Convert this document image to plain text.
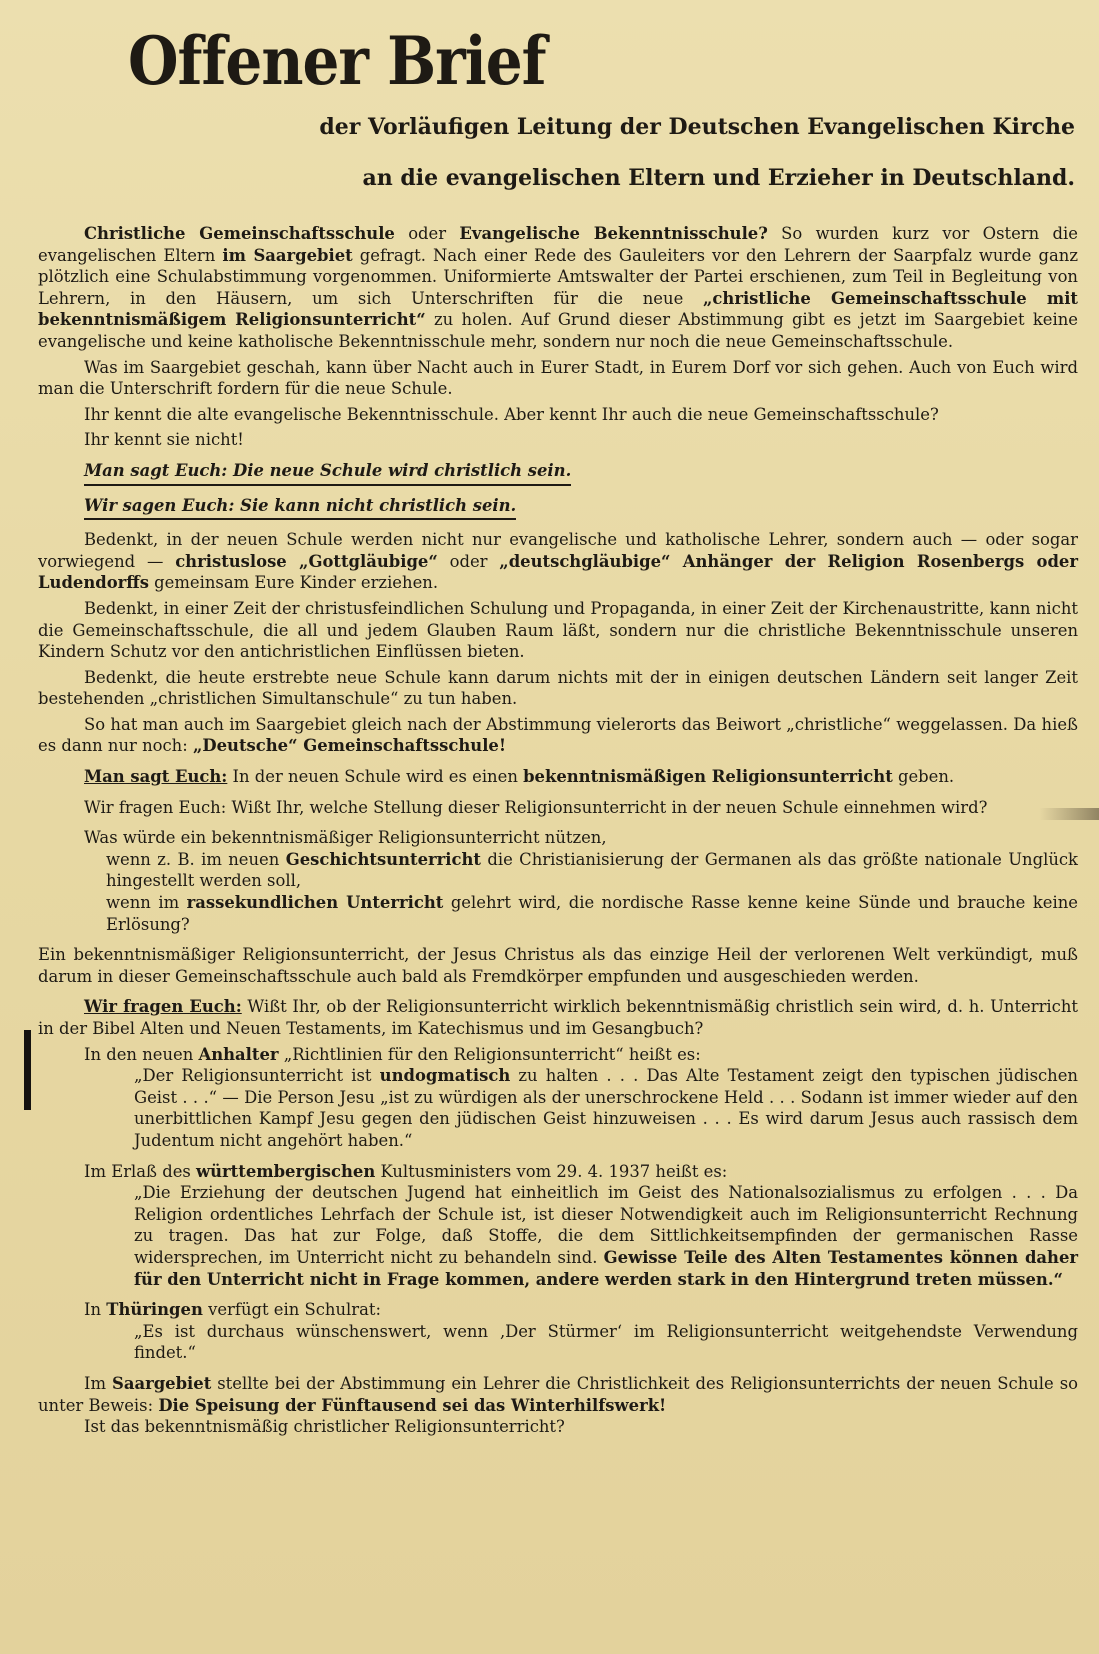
Offener Brief

der Vorläufigen Leitung der Deutschen Evangelischen Kirche

an die evangelischen Eltern und Erzieher in Deutschland.

Christliche Gemeinschaftsschule oder Evangelische Bekenntnisschule? So wurden kurz vor Ostern die evangelischen Eltern im Saargebiet gefragt. Nach einer Rede des Gauleiters vor den Lehrern der Saarpfalz wurde ganz plötzlich eine Schulabstimmung vorgenommen. Uniformierte Amtswalter der Partei erschienen, zum Teil in Begleitung von Lehrern, in den Häusern, um sich Unterschriften für die neue „christliche Gemeinschaftsschule mit bekenntnismäßigem Religionsunterricht“ zu holen. Auf Grund dieser Abstimmung gibt es jetzt im Saargebiet keine evangelische und keine katholische Bekenntnisschule mehr, sondern nur noch die neue Gemeinschaftsschule.

Was im Saargebiet geschah, kann über Nacht auch in Eurer Stadt, in Eurem Dorf vor sich gehen. Auch von Euch wird man die Unterschrift fordern für die neue Schule.

Ihr kennt die alte evangelische Bekenntnisschule. Aber kennt Ihr auch die neue Gemeinschaftsschule?

Ihr kennt sie nicht!

Man sagt Euch: Die neue Schule wird christlich sein.

Wir sagen Euch: Sie kann nicht christlich sein.

Bedenkt, in der neuen Schule werden nicht nur evangelische und katholische Lehrer, sondern auch — oder sogar vorwiegend — christuslose „Gottgläubige“ oder „deutschgläubige“ Anhänger der Religion Rosenbergs oder Ludendorffs gemeinsam Eure Kinder erziehen.

Bedenkt, in einer Zeit der christusfeindlichen Schulung und Propaganda, in einer Zeit der Kirchenaustritte, kann nicht die Gemeinschaftsschule, die all und jedem Glauben Raum läßt, sondern nur die christliche Bekenntnisschule unseren Kindern Schutz vor den antichristlichen Einflüssen bieten.

Bedenkt, die heute erstrebte neue Schule kann darum nichts mit der in einigen deutschen Ländern seit langer Zeit bestehenden „christlichen Simultanschule“ zu tun haben.

So hat man auch im Saargebiet gleich nach der Abstimmung vielerorts das Beiwort „christliche“ weggelassen. Da hieß es dann nur noch: „Deutsche“ Gemeinschaftsschule!

Man sagt Euch: In der neuen Schule wird es einen bekenntnismäßigen Religionsunterricht geben.

Wir fragen Euch: Wißt Ihr, welche Stellung dieser Religionsunterricht in der neuen Schule einnehmen wird?

Was würde ein bekenntnismäßiger Religionsunterricht nützen,

wenn z. B. im neuen Geschichtsunterricht die Christianisierung der Germanen als das größte nationale Unglück hingestellt werden soll,

wenn im rassekundlichen Unterricht gelehrt wird, die nordische Rasse kenne keine Sünde und brauche keine Erlösung?

Ein bekenntnismäßiger Religionsunterricht, der Jesus Christus als das einzige Heil der verlorenen Welt verkündigt, muß darum in dieser Gemeinschaftsschule auch bald als Fremdkörper empfunden und ausgeschieden werden.

Wir fragen Euch: Wißt Ihr, ob der Religionsunterricht wirklich bekenntnismäßig christlich sein wird, d. h. Unterricht in der Bibel Alten und Neuen Testaments, im Katechismus und im Gesangbuch?

In den neuen Anhalter „Richtlinien für den Religionsunterricht“ heißt es:

„Der Religionsunterricht ist undogmatisch zu halten . . . Das Alte Testament zeigt den typischen jüdischen Geist . . .“ — Die Person Jesu „ist zu würdigen als der unerschrockene Held . . . Sodann ist immer wieder auf den unerbittlichen Kampf Jesu gegen den jüdischen Geist hinzuweisen . . . Es wird darum Jesus auch rassisch dem Judentum nicht angehört haben.“

Im Erlaß des württembergischen Kultusministers vom 29. 4. 1937 heißt es:

„Die Erziehung der deutschen Jugend hat einheitlich im Geist des Nationalsozialismus zu erfolgen . . . Da Religion ordentliches Lehrfach der Schule ist, ist dieser Notwendigkeit auch im Religionsunterricht Rechnung zu tragen. Das hat zur Folge, daß Stoffe, die dem Sittlichkeitsempfinden der germanischen Rasse widersprechen, im Unterricht nicht zu behandeln sind. Gewisse Teile des Alten Testamentes können daher für den Unterricht nicht in Frage kommen, andere werden stark in den Hintergrund treten müssen.“

In Thüringen verfügt ein Schulrat:

„Es ist durchaus wünschenswert, wenn ‚Der Stürmer‘ im Religionsunterricht weitgehendste Verwendung findet.“

Im Saargebiet stellte bei der Abstimmung ein Lehrer die Christlichkeit des Religionsunterrichts der neuen Schule so unter Beweis: Die Speisung der Fünftausend sei das Winterhilfswerk!

Ist das bekenntnismäßig christlicher Religionsunterricht?
